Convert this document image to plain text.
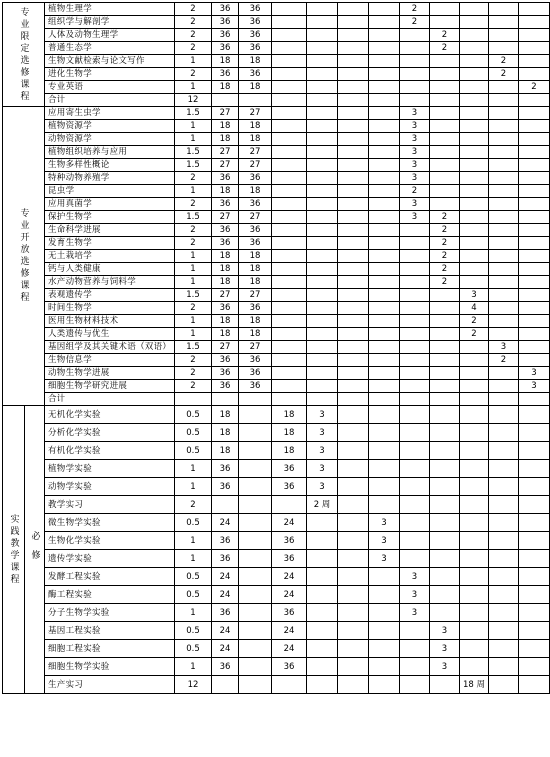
专业限定选修课程		植物生理学	2	36	36					2				
		组织学与解剖学	2	36	36					2				
		人体及动物生理学	2	36	36						2			
		普通生态学	2	36	36						2			
		生物文献检索与论文写作	1	18	18								2	
		进化生物学	2	36	36								2	
		专业英语	1	18	18									2
		合计	12											
专业开放选修课程		应用寄生虫学	1.5	27	27					3				
		植物资源学	1	18	18					3				
		动物资源学	1	18	18					3				
		植物组织培养与应用	1.5	27	27					3				
		生物多样性概论	1.5	27	27					3				
		特种动物养殖学	2	36	36					3				
		昆虫学	1	18	18					2				
		应用真菌学	2	36	36					3				
		保护生物学	1.5	27	27					3	2			
		生命科学进展	2	36	36						2			
		发育生物学	2	36	36						2			
		无土栽培学	1	18	18						2			
		钙与人类健康	1	18	18						2			
		水产动物营养与饲料学	1	18	18						2			
		表观遗传学	1.5	27	27							3		
		时间生物学	2	36	36							4		
		医用生物材料技术	1	18	18							2		
		人类遗传与优生	1	18	18							2		
		基因组学及其关键术语（双语）	1.5	27	27								3	
		生物信息学	2	36	36								2	
		动物生物学进展	2	36	36									3
		细胞生物学研究进展	2	36	36									3
		合计												
实践教学课程	必修	无机化学实验	0.5	18		18	3							
		分析化学实验	0.5	18		18	3							
		有机化学实验	0.5	18		18	3							
		植物学实验	1	36		36	3							
		动物学实验	1	36		36	3							
		教学实习	2				2 周							
		微生物学实验	0.5	24		24			3					
		生物化学实验	1	36		36			3					
		遗传学实验	1	36		36			3					
		发酵工程实验	0.5	24		24				3				
		酶工程实验	0.5	24		24				3				
		分子生物学实验	1	36		36				3				
		基因工程实验	0.5	24		24					3			
		细胞工程实验	0.5	24		24					3			
		细胞生物学实验	1	36		36					3			
		生产实习	12									18 周		
